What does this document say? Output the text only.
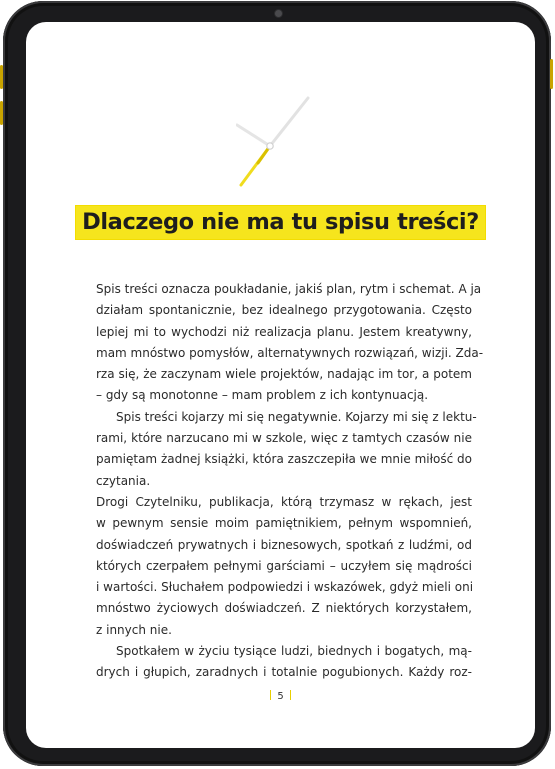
Dlaczego nie ma tu spisu treści?
Spis treści oznacza poukładanie, jakiś plan, rytm i schemat. A ja
działam spontanicznie, bez idealnego przygotowania. Często
lepiej mi to wychodzi niż realizacja planu. Jestem kreatywny,
mam mnóstwo pomysłów, alternatywnych rozwiązań, wizji. Zda-
rza się, że zaczynam wiele projektów, nadając im tor, a potem
– gdy są monotonne – mam problem z ich kontynuacją.
Spis treści kojarzy mi się negatywnie. Kojarzy mi się z lektu-
rami, które narzucano mi w szkole, więc z tamtych czasów nie
pamiętam żadnej książki, która zaszczepiła we mnie miłość do
czytania.
Drogi Czytelniku, publikacja, którą trzymasz w rękach, jest
w pewnym sensie moim pamiętnikiem, pełnym wspomnień,
doświadczeń prywatnych i biznesowych, spotkań z ludźmi, od
których czerpałem pełnymi garściami – uczyłem się mądrości
i wartości. Słuchałem podpowiedzi i wskazówek, gdyż mieli oni
mnóstwo życiowych doświadczeń. Z niektórych korzystałem,
z innych nie.
Spotkałem w życiu tysiące ludzi, biednych i bogatych, mą-
drych i głupich, zaradnych i totalnie pogubionych. Każdy roz-
5
